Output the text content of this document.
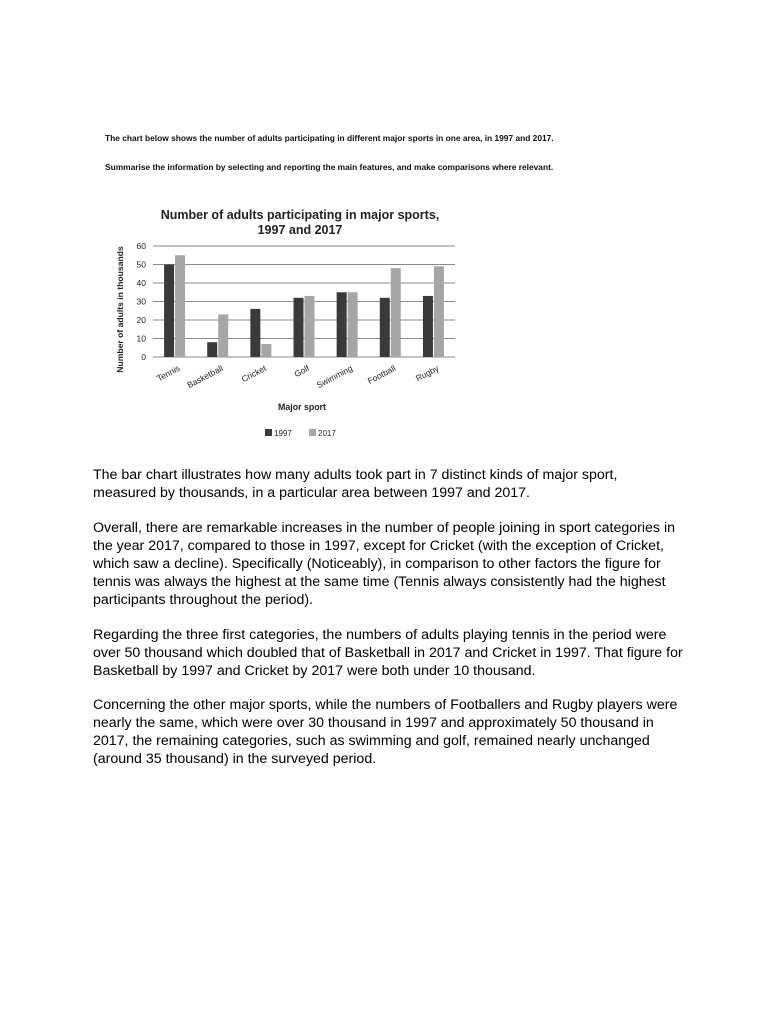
The chart below shows the number of adults participating in different major sports in one area, in 1997 and 2017.
Summarise the information by selecting and reporting the main features, and make comparisons where relevant.
Number of adults participating in major sports,
1997 and 2017
0
10
20
30
40
50
60
Number of adults in thousands
Tennis Basketball Cricket	Golf Swimming Football Rugby
Major sport
1997	2017

The bar chart illustrates how many adults took part in 7 distinct kinds of major sport, measured by thousands, in a particular area between 1997 and 2017.

Overall, there are remarkable increases in the number of people joining in sport categories in the year 2017, compared to those in 1997, except for Cricket (with the exception of Cricket, which saw a decline). Specifically (Noticeably), in comparison to other factors the figure for tennis was always the highest at the same time (Tennis always consistently had the highest participants throughout the period).

Regarding the three first categories, the numbers of adults playing tennis in the period were over 50 thousand which doubled that of Basketball in 2017 and Cricket in 1997. That figure for Basketball by 1997 and Cricket by 2017 were both under 10 thousand.

Concerning the other major sports, while the numbers of Footballers and Rugby players were nearly the same, which were over 30 thousand in 1997 and approximately 50 thousand in 2017, the remaining categories, such as swimming and golf, remained nearly unchanged (around 35 thousand) in the surveyed period.
